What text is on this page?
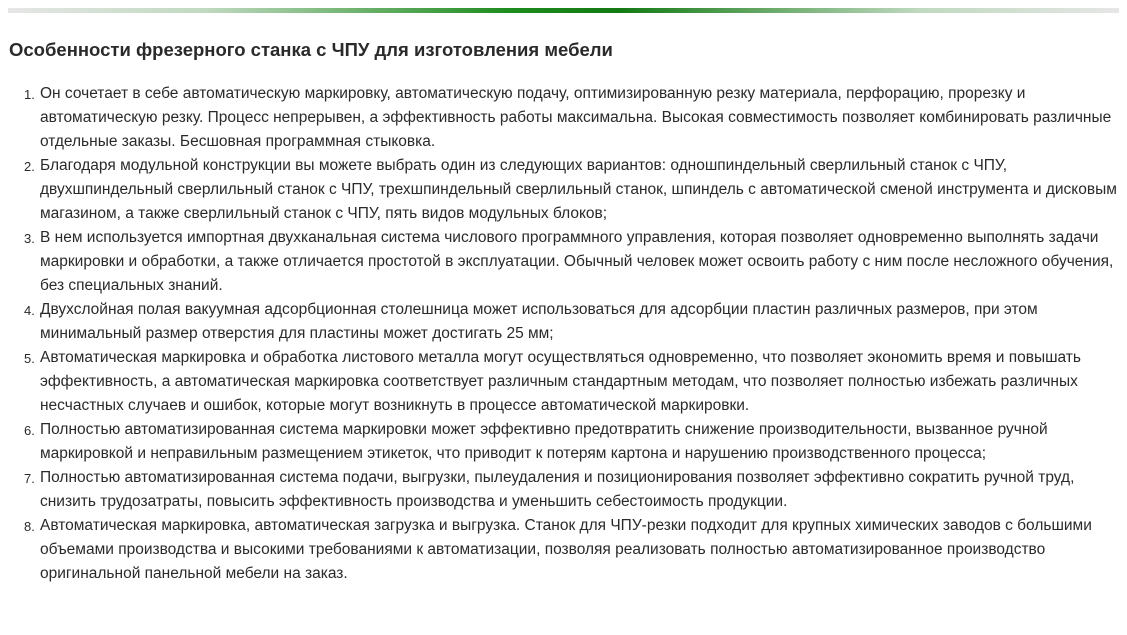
Особенности фрезерного станка с ЧПУ для изготовления мебели
Он сочетает в себе автоматическую маркировку, автоматическую подачу, оптимизированную резку материала, перфорацию, прорезку и автоматическую резку. Процесс непрерывен, а эффективность работы максимальна. Высокая совместимость позволяет комбинировать различные отдельные заказы. Бесшовная программная стыковка.
Благодаря модульной конструкции вы можете выбрать один из следующих вариантов: одношпиндельный сверлильный станок с ЧПУ, двухшпиндельный сверлильный станок с ЧПУ, трехшпиндельный сверлильный станок, шпиндель с автоматической сменой инструмента и дисковым магазином, а также сверлильный станок с ЧПУ, пять видов модульных блоков;
В нем используется импортная двухканальная система числового программного управления, которая позволяет одновременно выполнять задачи маркировки и обработки, а также отличается простотой в эксплуатации. Обычный человек может освоить работу с ним после несложного обучения, без специальных знаний.
Двухслойная полая вакуумная адсорбционная столешница может использоваться для адсорбции пластин различных размеров, при этом минимальный размер отверстия для пластины может достигать 25 мм;
Автоматическая маркировка и обработка листового металла могут осуществляться одновременно, что позволяет экономить время и повышать эффективность, а автоматическая маркировка соответствует различным стандартным методам, что позволяет полностью избежать различных несчастных случаев и ошибок, которые могут возникнуть в процессе автоматической маркировки.
Полностью автоматизированная система маркировки может эффективно предотвратить снижение производительности, вызванное ручной маркировкой и неправильным размещением этикеток, что приводит к потерям картона и нарушению производственного процесса;
Полностью автоматизированная система подачи, выгрузки, пылеудаления и позиционирования позволяет эффективно сократить ручной труд, снизить трудозатраты, повысить эффективность производства и уменьшить себестоимость продукции.
Автоматическая маркировка, автоматическая загрузка и выгрузка. Станок для ЧПУ-резки подходит для крупных химических заводов с большими объемами производства и высокими требованиями к автоматизации, позволяя реализовать полностью автоматизированное производство оригинальной панельной мебели на заказ.
